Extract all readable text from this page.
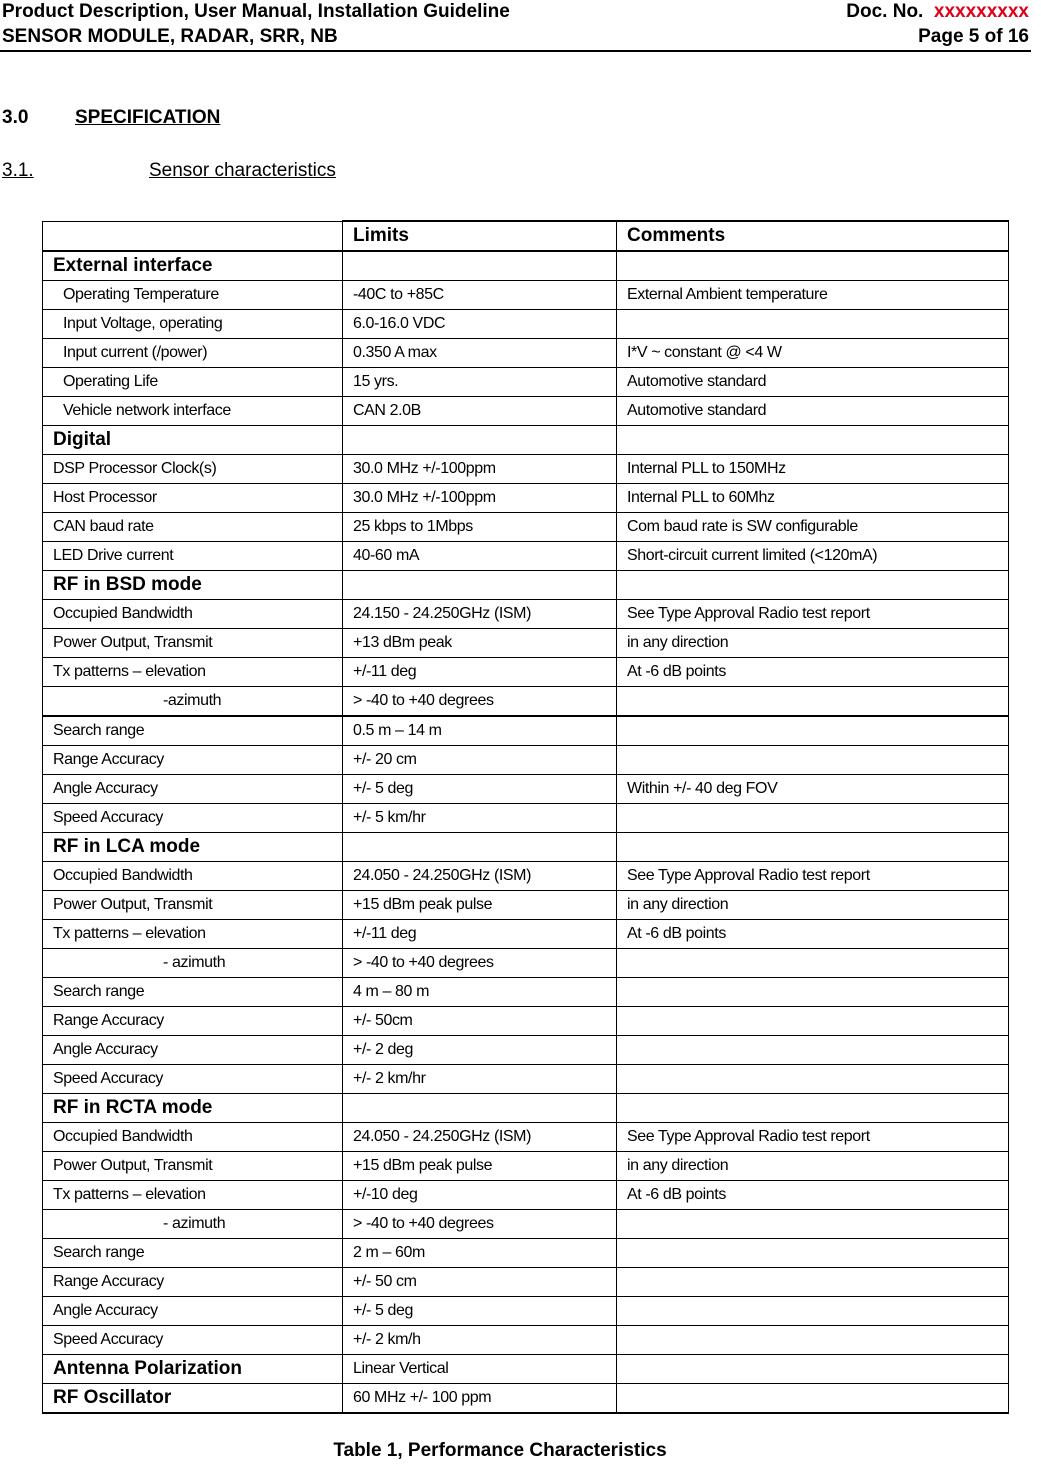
Product Description, User Manual, Installation Guideline	Doc. No. xxxxxxxxx
SENSOR MODULE, RADAR, SRR, NB	Page 5 of 16
3.0 SPECIFICATION
3.1.	Sensor characteristics
	Limits	Comments
External interface		
Operating Temperature	-40C to +85C	External Ambient temperature
Input Voltage, operating	6.0-16.0 VDC	
Input current (/power)	0.350 A max	I*V ~ constant @ <4 W
Operating Life	15 yrs.	Automotive standard
Vehicle network interface	CAN 2.0B	Automotive standard
Digital		
DSP Processor Clock(s)	30.0 MHz +/-100ppm	Internal PLL to 150MHz
Host Processor	30.0 MHz +/-100ppm	Internal PLL to 60Mhz
CAN baud rate	25 kbps to 1Mbps	Com baud rate is SW configurable
LED Drive current	40-60 mA	Short-circuit current limited (<120mA)
RF in BSD mode		
Occupied Bandwidth	24.150 - 24.250GHz (ISM)	See Type Approval Radio test report
Power Output, Transmit	+13 dBm peak	in any direction
Tx patterns – elevation	+/-11 deg	At -6 dB points
-azimuth	> -40 to +40 degrees	
Search range	0.5 m – 14 m	
Range Accuracy	+/- 20 cm	
Angle Accuracy	+/- 5 deg	Within +/- 40 deg FOV
Speed Accuracy	+/- 5 km/hr	
RF in LCA mode		
Occupied Bandwidth	24.050 - 24.250GHz (ISM)	See Type Approval Radio test report
Power Output, Transmit	+15 dBm peak pulse	in any direction
Tx patterns – elevation	+/-11 deg	At -6 dB points
- azimuth	> -40 to +40 degrees	
Search range	4 m – 80 m	
Range Accuracy	+/- 50cm	
Angle Accuracy	+/- 2 deg	
Speed Accuracy	+/- 2 km/hr	
RF in RCTA mode		
Occupied Bandwidth	24.050 - 24.250GHz (ISM)	See Type Approval Radio test report
Power Output, Transmit	+15 dBm peak pulse	in any direction
Tx patterns – elevation	+/-10 deg	At -6 dB points
- azimuth	> -40 to +40 degrees	
Search range	2 m – 60m	
Range Accuracy	+/- 50 cm	
Angle Accuracy	+/- 5 deg	
Speed Accuracy	+/- 2 km/h	
Antenna Polarization	Linear Vertical	
RF Oscillator	60 MHz +/- 100 ppm	
Table 1, Performance Characteristics
